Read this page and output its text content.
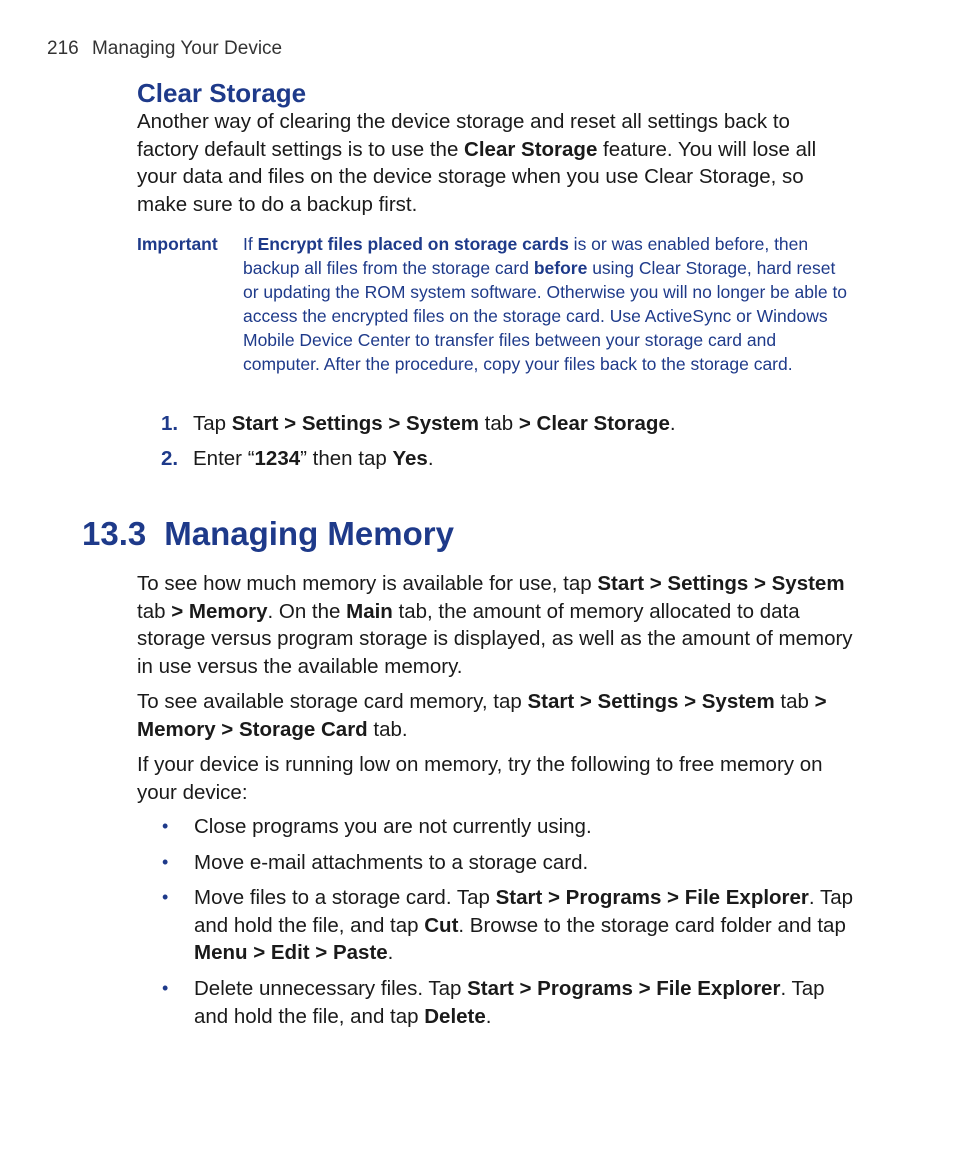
216 Managing Your Device
Clear Storage

Another way of clearing the device storage and reset all settings back to factory default settings is to use the Clear Storage feature. You will lose all your data and files on the device storage when you use Clear Storage, so make sure to do a backup first.

Important If Encrypt files placed on storage cards is or was enabled before, then backup all files from the storage card before using Clear Storage, hard reset or updating the ROM system software. Otherwise you will no longer be able to access the encrypted files on the storage card. Use ActiveSync or Windows Mobile Device Center to transfer files between your storage card and computer. After the procedure, copy your files back to the storage card.
1. Tap Start > Settings > System tab > Clear Storage.
2. Enter “1234” then tap Yes.
13.3 Managing Memory

To see how much memory is available for use, tap Start > Settings > System tab > Memory. On the Main tab, the amount of memory allocated to data storage versus program storage is displayed, as well as the amount of memory in use versus the available memory.

To see available storage card memory, tap Start > Settings > System tab > Memory > Storage Card tab.

If your device is running low on memory, try the following to free memory on your device:

• Close programs you are not currently using.
• Move e-mail attachments to a storage card.
• Move files to a storage card. Tap Start > Programs > File Explorer. Tap and hold the file, and tap Cut. Browse to the storage card folder and tap Menu > Edit > Paste.
• Delete unnecessary files. Tap Start > Programs > File Explorer. Tap and hold the file, and tap Delete.
